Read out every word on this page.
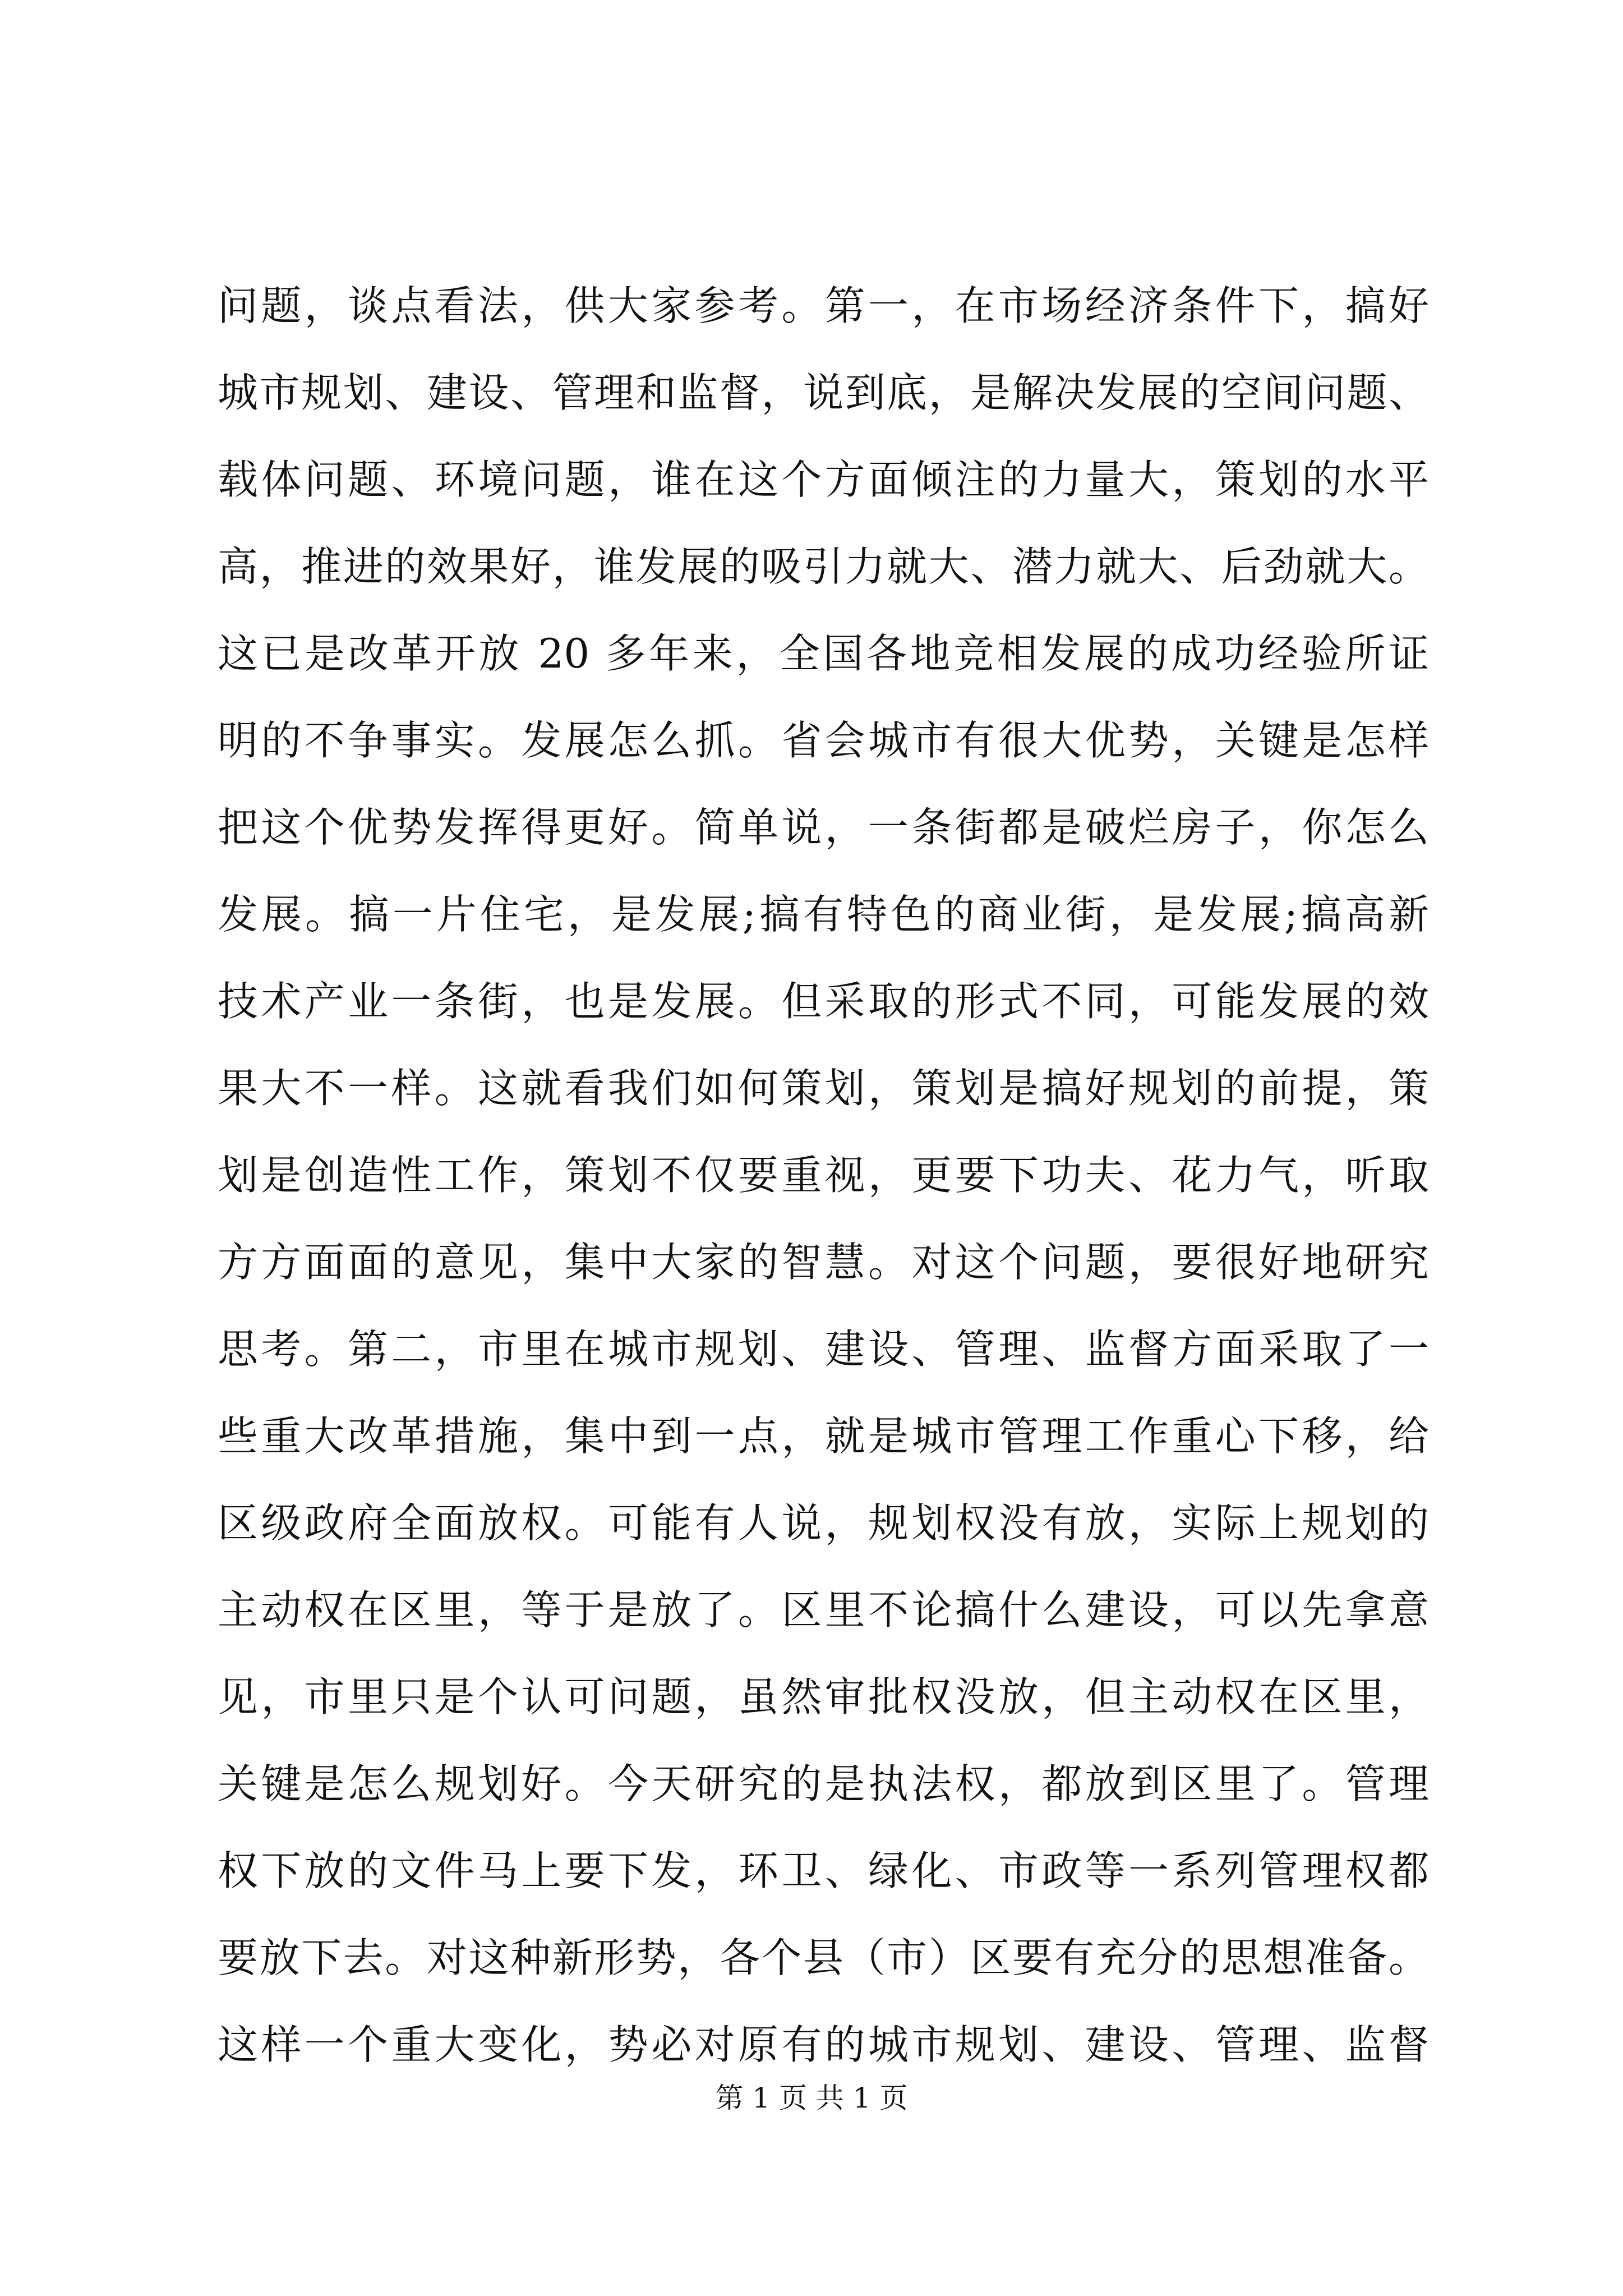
问题，谈点看法，供大家参考。第一，在市场经济条件下，搞好
城市规划、建设、管理和监督，说到底，是解决发展的空间问题、
载体问题、环境问题，谁在这个方面倾注的力量大，策划的水平
高，推进的效果好，谁发展的吸引力就大、潜力就大、后劲就大。
这已是改革开放 20 多年来，全国各地竞相发展的成功经验所证
明的不争事实。发展怎么抓。省会城市有很大优势，关键是怎样
把这个优势发挥得更好。简单说，一条街都是破烂房子，你怎么
发展。搞一片住宅，是发展;搞有特色的商业街，是发展;搞高新
技术产业一条街，也是发展。但采取的形式不同，可能发展的效
果大不一样。这就看我们如何策划，策划是搞好规划的前提，策
划是创造性工作，策划不仅要重视，更要下功夫、花力气，听取
方方面面的意见，集中大家的智慧。对这个问题，要很好地研究
思考。第二，市里在城市规划、建设、管理、监督方面采取了一
些重大改革措施，集中到一点，就是城市管理工作重心下移，给
区级政府全面放权。可能有人说，规划权没有放，实际上规划的
主动权在区里，等于是放了。区里不论搞什么建设，可以先拿意
见，市里只是个认可问题，虽然审批权没放，但主动权在区里，
关键是怎么规划好。今天研究的是执法权，都放到区里了。管理
权下放的文件马上要下发，环卫、绿化、市政等一系列管理权都
要放下去。对这种新形势，各个县（市）区要有充分的思想准备。
这样一个重大变化，势必对原有的城市规划、建设、管理、监督
第 1 页 共 1 页
